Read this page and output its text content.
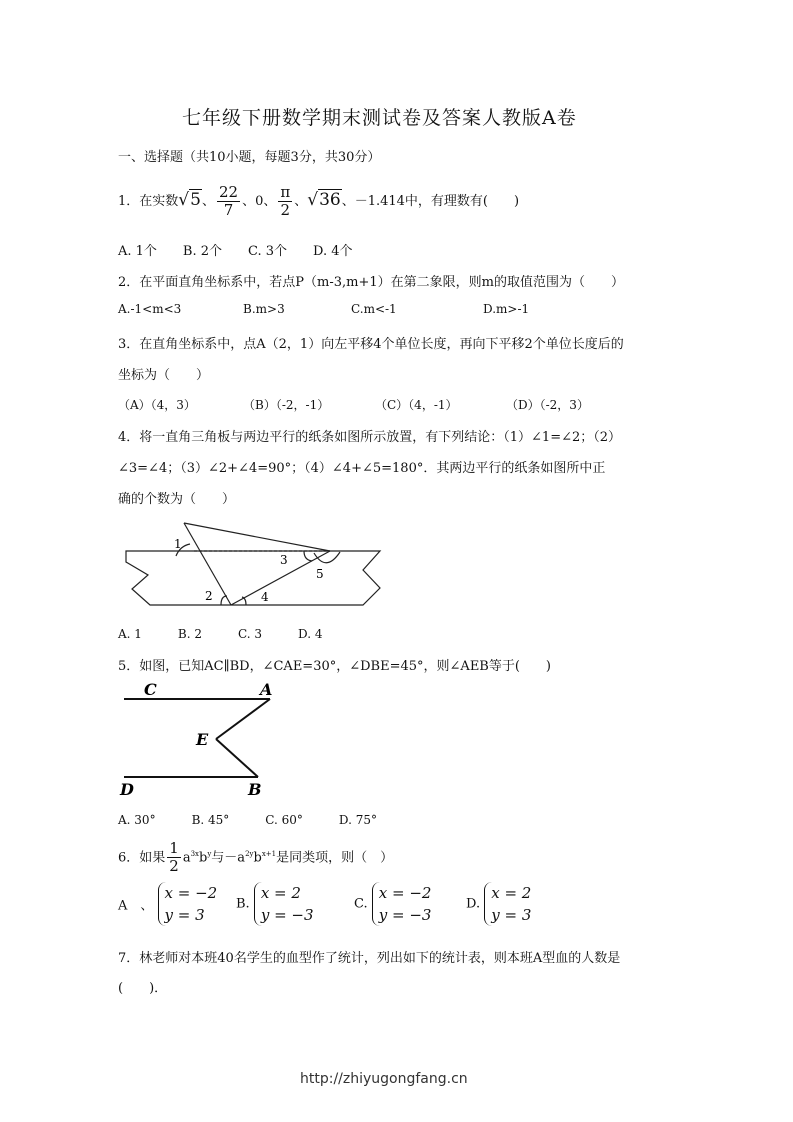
七年级下册数学期末测试卷及答案人教版A卷
一、选择题（共10小题，每题3分，共30分）
1．在实数√5、 $\frac{22}{7}$ 、0、 $\frac{\pi}{2}$ 、√36、－1.414中，有理数有(　　)
A. 1个　　B. 2个　　C. 3个　　D. 4个
2．在平面直角坐标系中，若点P（m-3,m+1）在第二象限，则m的取值范围为（　　）
A.-1<m<3	B.m>3	C.m<-1	D.m>-1
3．在直角坐标系中，点A（2，1）向左平移4个单位长度，再向下平移2个单位长度后的
坐标为（　　）
（A）（4，3）	（B）（-2，-1）	（C）（4，-1）	（D）（-2，3）
4．将一直角三角板与两边平行的纸条如图所示放置，有下列结论：（1）∠1=∠2；（2）
∠3=∠4；（3）∠2+∠4=90°；（4）∠4+∠5=180°．其两边平行的纸条如图所中正
确的个数为（　　）
1
2
3
4
5
A. 1　　　B. 2　　　C. 3　　　D. 4
5．如图，已知AC∥BD，∠CAE=30°，∠DBE=45°，则∠AEB等于(　　)
C	A
E
D	B
A. 30°　　　B. 45°　　　C. 60°　　　D. 75°
6．如果 $\frac{1}{2} a^{3x}b^y$与$-a^{2y}b^{x+1}$是同类项，则（　）
A　、 x = −2
y = 3
B. x = 2
y = −3
C. x = −2
y = −3
D. x = 2
y = 3
7．林老师对本班40名学生的血型作了统计，列出如下的统计表，则本班A型血的人数是
(　　)．
http://zhiyugongfang.cn
